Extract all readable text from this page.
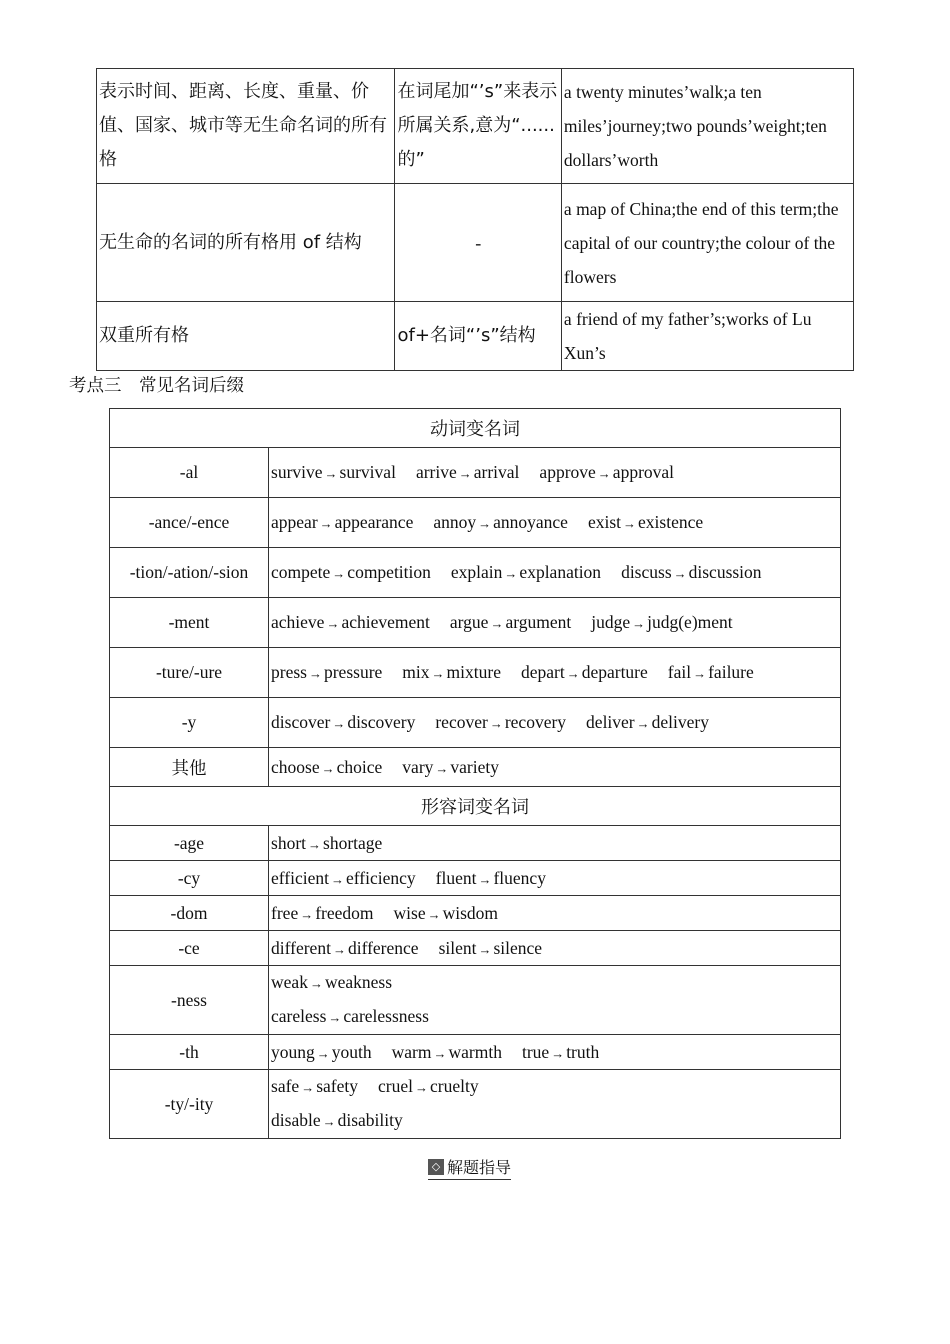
表示时间、距离、长度、重量、价值、国家、城市等无生命名词的所有格	在词尾加“’s”来表示所属关系,意为“......的”	a twenty minutes’walk;a ten miles’journey;two pounds’weight;ten dollars’worth
无生命的名词的所有格用 of 结构	-	a map of China;the end of this term;the capital of our country;the colour of the flowers
双重所有格	of+名词“’s”结构	a friend of my father’s;works of Lu Xun’s
考点三　常见名词后缀
动词变名词	
-al	survive → survival arrive → arrival approve → approval
-ance/-ence	appear → appearance annoy → annoyance exist → existence
-tion/-ation/-sion	compete → competition explain → explanation discuss → discussion
-ment	achieve → achievement argue → argument judge → judg(e)ment
-ture/-ure	press → pressure mix → mixture depart → departure fail → failure
-y	discover → discovery recover → recovery deliver → delivery
其他	choose → choice vary → variety
形容词变名词	
-age	short → shortage
-cy	efficient → efficiency fluent → fluency
-dom	free → freedom wise → wisdom
-ce	different → difference silent → silence
-ness	weak → weakness
careless → carelessness

-th	young → youth warm → warmth true → truth
-ty/-ity	safe → safety cruel → cruelty
disable → disability
◇ 解题指导
